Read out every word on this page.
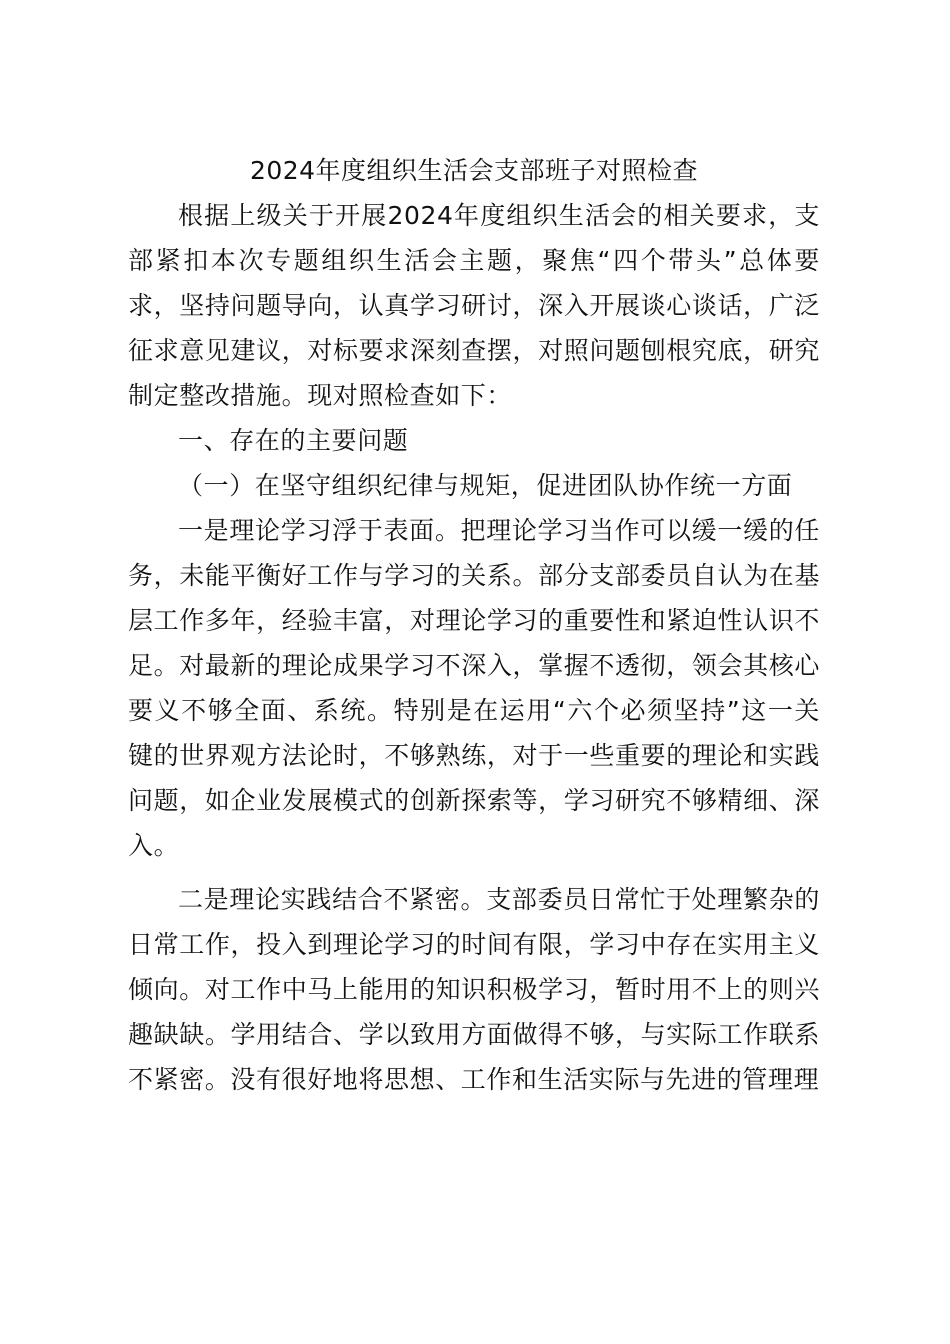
2024年度组织生活会支部班子对照检查

根据上级关于开展2024年度组织生活会的相关要求，支部紧扣本次专题组织生活会主题，聚焦“四个带头”总体要求，坚持问题导向，认真学习研讨，深入开展谈心谈话，广泛征求意见建议，对标要求深刻查摆，对照问题刨根究底，研究制定整改措施。现对照检查如下：

一、存在的主要问题

（一）在坚守组织纪律与规矩，促进团队协作统一方面

一是理论学习浮于表面。把理论学习当作可以缓一缓的任务，未能平衡好工作与学习的关系。部分支部委员自认为在基层工作多年，经验丰富，对理论学习的重要性和紧迫性认识不足。对最新的理论成果学习不深入，掌握不透彻，领会其核心要义不够全面、系统。特别是在运用“六个必须坚持”这一关键的世界观方法论时，不够熟练，对于一些重要的理论和实践问题，如企业发展模式的创新探索等，学习研究不够精细、深入。

二是理论实践结合不紧密。支部委员日常忙于处理繁杂的日常工作，投入到理论学习的时间有限，学习中存在实用主义倾向。对工作中马上能用的知识积极学习，暂时用不上的则兴趣缺缺。学用结合、学以致用方面做得不够，与实际工作联系不紧密。没有很好地将思想、工作和生活实际与先进的管理理
